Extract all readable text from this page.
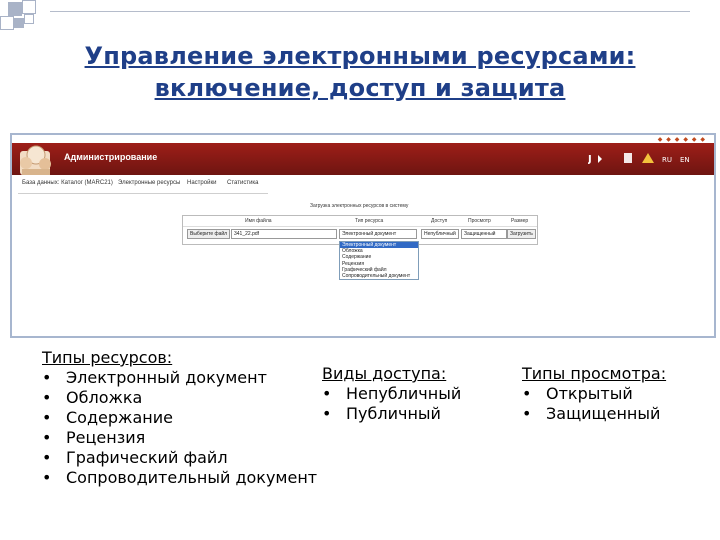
Управление электронными ресурсами:
включение, доступ и защита
Администрирование	J	RU EN
◆ ◆ ◆ ◆ ◆ ◆
База данных: Каталог (MARC21) Электронные ресурсы Настройки Статистика
Загрузка электронных ресурсов в систему
Имя файла	Тип ресурса	Доступ	Просмотр	Размер
Выберите файл	341_22.pdf	Электронный документ	Непубличный	Защищенный	Загрузить
Электронный документ
Обложка
Содержание
Рецензия
Графический файл
Сопроводительный документ
Типы ресурсов:
• Электронный документ
• Обложка
• Содержание
• Рецензия
• Графический файл
• Сопроводительный документ
Виды доступа:
• Непубличный
• Публичный
Типы просмотра:
• Открытый
• Защищенный
